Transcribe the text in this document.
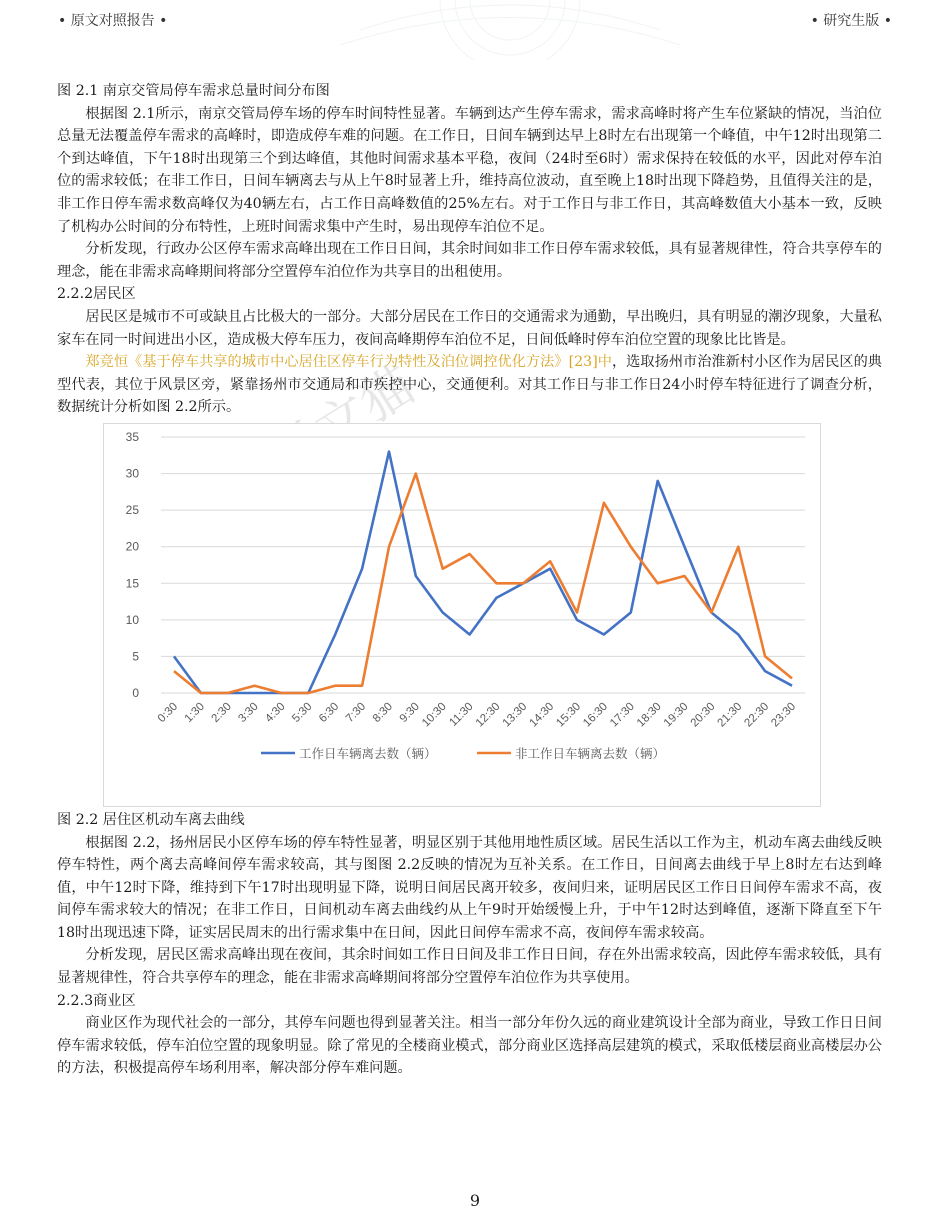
• 原文对照报告 •	• 研究生版 •
学文猫

图 2.1 南京交管局停车需求总量时间分布图

根据图 2.1所示，南京交管局停车场的停车时间特性显著。车辆到达产生停车需求，需求高峰时将产生车位紧缺的情况，当泊位总量无法覆盖停车需求的高峰时，即造成停车难的问题。在工作日，日间车辆到达早上8时左右出现第一个峰值，中午12时出现第二个到达峰值，下午18时出现第三个到达峰值，其他时间需求基本平稳，夜间（24时至6时）需求保持在较低的水平，因此对停车泊位的需求较低；在非工作日，日间车辆离去与从上午8时显著上升，维持高位波动，直至晚上18时出现下降趋势，且值得关注的是，非工作日停车需求数高峰仅为40辆左右，占工作日高峰数值的25%左右。对于工作日与非工作日，其高峰数值大小基本一致，反映了机构办公时间的分布特性，上班时间需求集中产生时，易出现停车泊位不足。

分析发现，行政办公区停车需求高峰出现在工作日日间，其余时间如非工作日停车需求较低，具有显著规律性，符合共享停车的理念，能在非需求高峰期间将部分空置停车泊位作为共享目的出租使用。

2.2.2居民区

居民区是城市不可或缺且占比极大的一部分。大部分居民在工作日的交通需求为通勤，早出晚归，具有明显的潮汐现象，大量私家车在同一时间进出小区，造成极大停车压力，夜间高峰期停车泊位不足，日间低峰时停车泊位空置的现象比比皆是。

郑竞恒《基于停车共享的城市中心居住区停车行为特性及泊位调控优化方法》[23]中，选取扬州市治淮新村小区作为居民区的典型代表，其位于风景区旁，紧靠扬州市交通局和市疾控中心，交通便利。对其工作日与非工作日24小时停车特征进行了调查分析，数据统计分析如图 2.2所示。

0
5
10
15
20
25
30
35
0:30 1:30 2:30 3:30 4:30 5:30 6:30 7:30 8:30 9:30
10:30
11:30
12:30
13:30
14:30
15:30
16:30
17:30
18:30
19:30
20:30
21:30
22:30
23:30
工作日车辆离去数（辆）	非工作日车辆离去数（辆）

图 2.2 居住区机动车离去曲线

根据图 2.2，扬州居民小区停车场的停车特性显著，明显区别于其他用地性质区域。居民生活以工作为主，机动车离去曲线反映停车特性，两个离去高峰间停车需求较高，其与图图 2.2反映的情况为互补关系。在工作日，日间离去曲线于早上8时左右达到峰值，中午12时下降，维持到下午17时出现明显下降，说明日间居民离开较多，夜间归来，证明居民区工作日日间停车需求不高，夜间停车需求较大的情况；在非工作日，日间机动车离去曲线约从上午9时开始缓慢上升，于中午12时达到峰值，逐渐下降直至下午18时出现迅速下降，证实居民周末的出行需求集中在日间，因此日间停车需求不高，夜间停车需求较高。

分析发现，居民区需求高峰出现在夜间，其余时间如工作日日间及非工作日日间，存在外出需求较高，因此停车需求较低，具有显著规律性，符合共享停车的理念，能在非需求高峰期间将部分空置停车泊位作为共享使用。

2.2.3商业区

商业区作为现代社会的一部分，其停车问题也得到显著关注。相当一部分年份久远的商业建筑设计全部为商业，导致工作日日间停车需求较低，停车泊位空置的现象明显。除了常见的全楼商业模式，部分商业区选择高层建筑的模式，采取低楼层商业高楼层办公的方法，积极提高停车场利用率，解决部分停车难问题。

9
